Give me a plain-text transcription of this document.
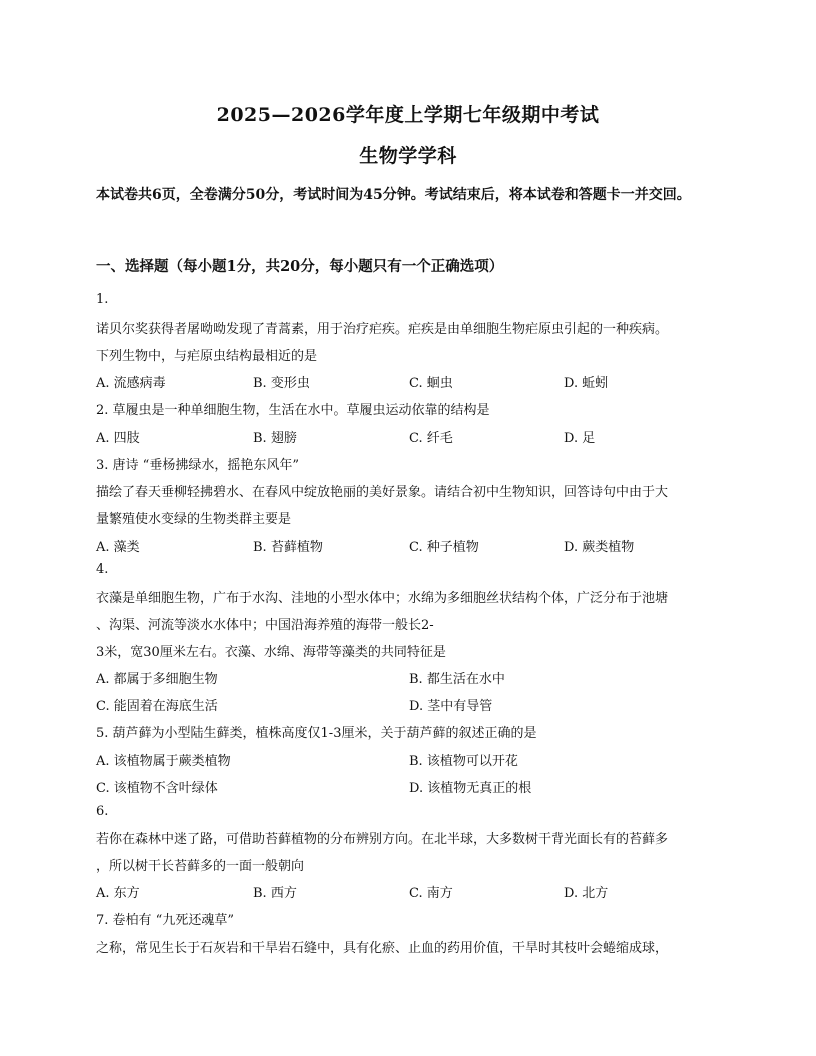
2025—2026学年度上学期七年级期中考试
生物学学科
本试卷共6页，全卷满分50分，考试时间为45分钟。考试结束后，将本试卷和答题卡一并交回。
一、选择题（每小题1分，共20分，每小题只有一个正确选项）
1.
诺贝尔奖获得者屠呦呦发现了青蒿素，用于治疗疟疾。疟疾是由单细胞生物疟原虫引起的一种疾病。
下列生物中，与疟原虫结构最相近的是
A. 流感病毒	B. 变形虫	C. 蛔虫	D. 蚯蚓
2. 草履虫是一种单细胞生物，生活在水中。草履虫运动依靠的结构是
A. 四肢	B. 翅膀	C. 纤毛	D. 足
3. 唐诗 “垂杨拂绿水，摇艳东风年”
描绘了春天垂柳轻拂碧水、在春风中绽放艳丽的美好景象。请结合初中生物知识，回答诗句中由于大
量繁殖使水变绿的生物类群主要是
A. 藻类	B. 苔藓植物	C. 种子植物	D. 蕨类植物
4.
衣藻是单细胞生物，广布于水沟、洼地的小型水体中；水绵为多细胞丝状结构个体，广泛分布于池塘
、沟渠、河流等淡水水体中；中国沿海养殖的海带一般长2-
3米，宽30厘米左右。衣藻、水绵、海带等藻类的共同特征是
A. 都属于多细胞生物	B. 都生活在水中
C. 能固着在海底生活	D. 茎中有导管
5. 葫芦藓为小型陆生藓类，植株高度仅1-3厘米，关于葫芦藓的叙述正确的是
A. 该植物属于蕨类植物	B. 该植物可以开花
C. 该植物不含叶绿体	D. 该植物无真正的根
6.
若你在森林中迷了路，可借助苔藓植物的分布辨别方向。在北半球，大多数树干背光面长有的苔藓多
，所以树干长苔藓多的一面一般朝向
A. 东方	B. 西方	C. 南方	D. 北方
7. 卷柏有 “九死还魂草”
之称，常见生长于石灰岩和干旱岩石缝中，具有化瘀、止血的药用价值，干旱时其枝叶会蜷缩成球，
